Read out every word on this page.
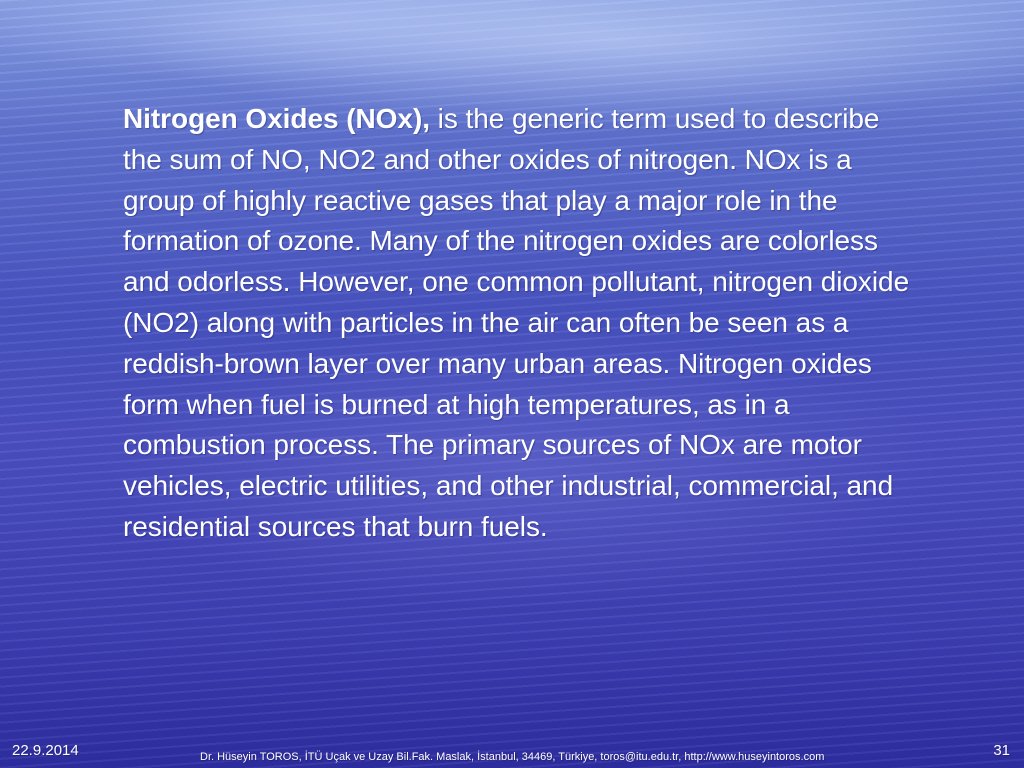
Nitrogen Oxides (NOx), is the generic term used to describe the sum of NO, NO2 and other oxides of nitrogen. NOx is a group of highly reactive gases that play a major role in the formation of ozone. Many of the nitrogen oxides are colorless and odorless. However, one common pollutant, nitrogen dioxide (NO2) along with particles in the air can often be seen as a reddish-brown layer over many urban areas. Nitrogen oxides form when fuel is burned at high temperatures, as in a combustion process. The primary sources of NOx are motor vehicles, electric utilities, and other industrial, commercial, and residential sources that burn fuels.
22.9.2014	Dr. Hüseyin TOROS, İTÜ Uçak ve Uzay Bil.Fak. Maslak, İstanbul, 34469, Türkiye, toros@itu.edu.tr, http://www.huseyintoros.com	31
